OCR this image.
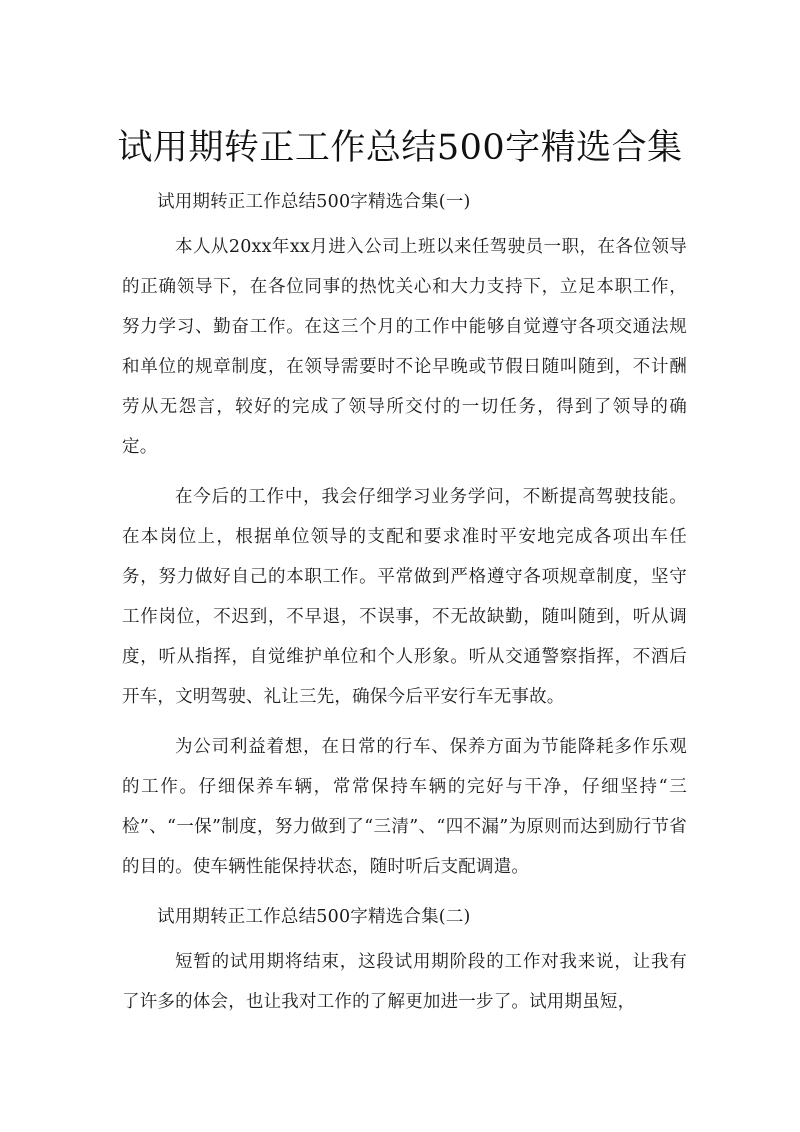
试用期转正工作总结500字精选合集

试用期转正工作总结500字精选合集(一)

本人从20xx年xx月进入公司上班以来任驾驶员一职，在各位领导的正确领导下，在各位同事的热忱关心和大力支持下，立足本职工作，努力学习、勤奋工作。在这三个月的工作中能够自觉遵守各项交通法规和单位的规章制度，在领导需要时不论早晚或节假日随叫随到，不计酬劳从无怨言，较好的完成了领导所交付的一切任务，得到了领导的确定。

在今后的工作中，我会仔细学习业务学问，不断提高驾驶技能。在本岗位上，根据单位领导的支配和要求准时平安地完成各项出车任务，努力做好自己的本职工作。平常做到严格遵守各项规章制度，坚守工作岗位，不迟到，不早退，不误事，不无故缺勤，随叫随到，听从调度，听从指挥，自觉维护单位和个人形象。听从交通警察指挥，不酒后开车，文明驾驶、礼让三先，确保今后平安行车无事故。

为公司利益着想，在日常的行车、保养方面为节能降耗多作乐观的工作。仔细保养车辆，常常保持车辆的完好与干净，仔细坚持“三检”、“一保”制度，努力做到了“三清”、“四不漏”为原则而达到励行节省的目的。使车辆性能保持状态，随时听后支配调遣。

试用期转正工作总结500字精选合集(二)

短暂的试用期将结束，这段试用期阶段的工作对我来说，让我有了许多的体会，也让我对工作的了解更加进一步了。试用期虽短，
